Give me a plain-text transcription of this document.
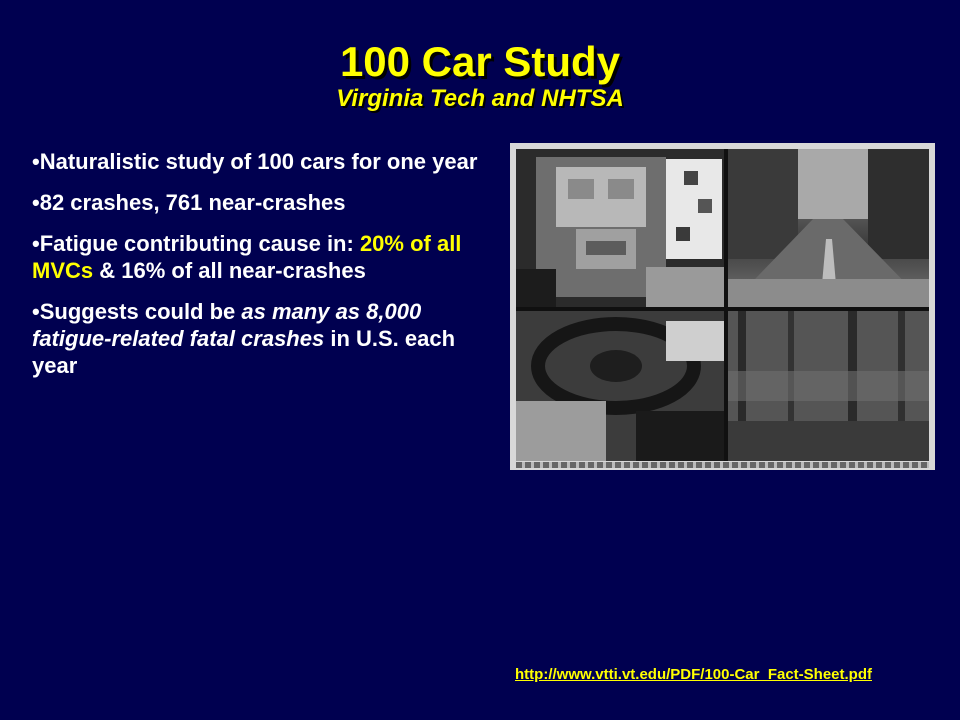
100 Car Study
Virginia Tech and NHTSA
•Naturalistic study of 100 cars for one year
•82 crashes, 761 near-crashes
•Fatigue contributing cause in: 20% of all MVCs & 16% of all near-crashes
•Suggests could be as many as 8,000 fatigue-related fatal crashes in U.S. each year
http://www.vtti.vt.edu/PDF/100-Car_Fact-Sheet.pdf
